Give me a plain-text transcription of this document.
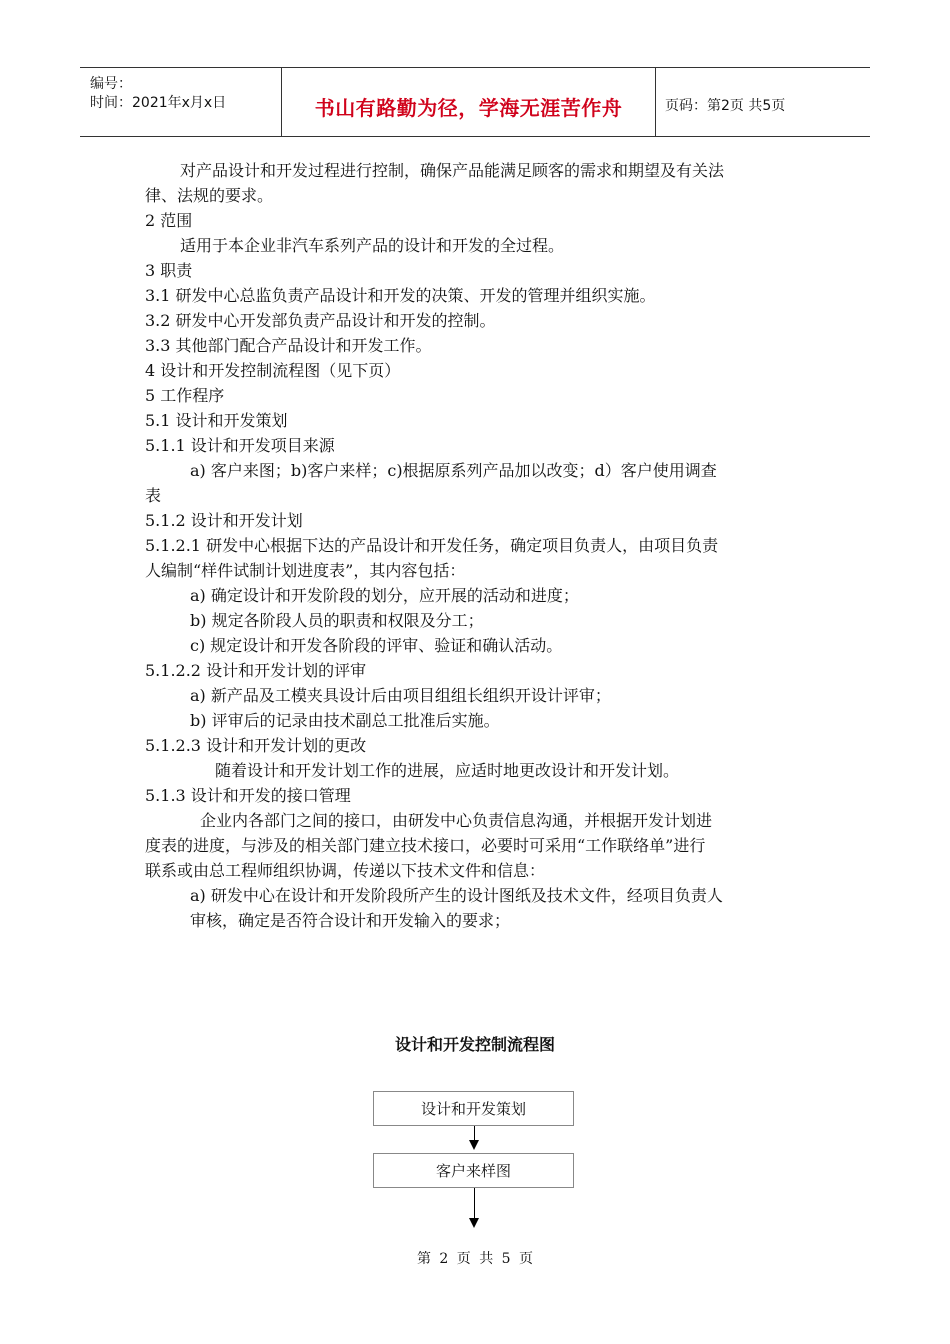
编号：
时间：2021年x月x日	书山有路勤为径，学海无涯苦作舟	页码：第2页 共5页
对产品设计和开发过程进行控制，确保产品能满足顾客的需求和期望及有关法
律、法规的要求。
2 范围
适用于本企业非汽车系列产品的设计和开发的全过程。
3 职责
3.1 研发中心总监负责产品设计和开发的决策、开发的管理并组织实施。
3.2 研发中心开发部负责产品设计和开发的控制。
3.3 其他部门配合产品设计和开发工作。
4 设计和开发控制流程图（见下页）
5 工作程序
5.1 设计和开发策划
5.1.1 设计和开发项目来源
a) 客户来图；b)客户来样；c)根据原系列产品加以改变；d）客户使用调查
表
5.1.2 设计和开发计划
5.1.2.1 研发中心根据下达的产品设计和开发任务，确定项目负责人，由项目负责
人编制“样件试制计划进度表”，其内容包括：
a) 确定设计和开发阶段的划分，应开展的活动和进度；
b) 规定各阶段人员的职责和权限及分工；
c) 规定设计和开发各阶段的评审、验证和确认活动。
5.1.2.2 设计和开发计划的评审
a) 新产品及工模夹具设计后由项目组组长组织开设计评审；
b) 评审后的记录由技术副总工批准后实施。
5.1.2.3 设计和开发计划的更改
随着设计和开发计划工作的进展，应适时地更改设计和开发计划。
5.1.3 设计和开发的接口管理
企业内各部门之间的接口，由研发中心负责信息沟通，并根据开发计划进
度表的进度，与涉及的相关部门建立技术接口，必要时可采用“工作联络单”进行
联系或由总工程师组织协调，传递以下技术文件和信息：
a) 研发中心在设计和开发阶段所产生的设计图纸及技术文件，经项目负责人
审核，确定是否符合设计和开发输入的要求；
设计和开发控制流程图
设计和开发策划
客户来样图
第 2 页 共 5 页
